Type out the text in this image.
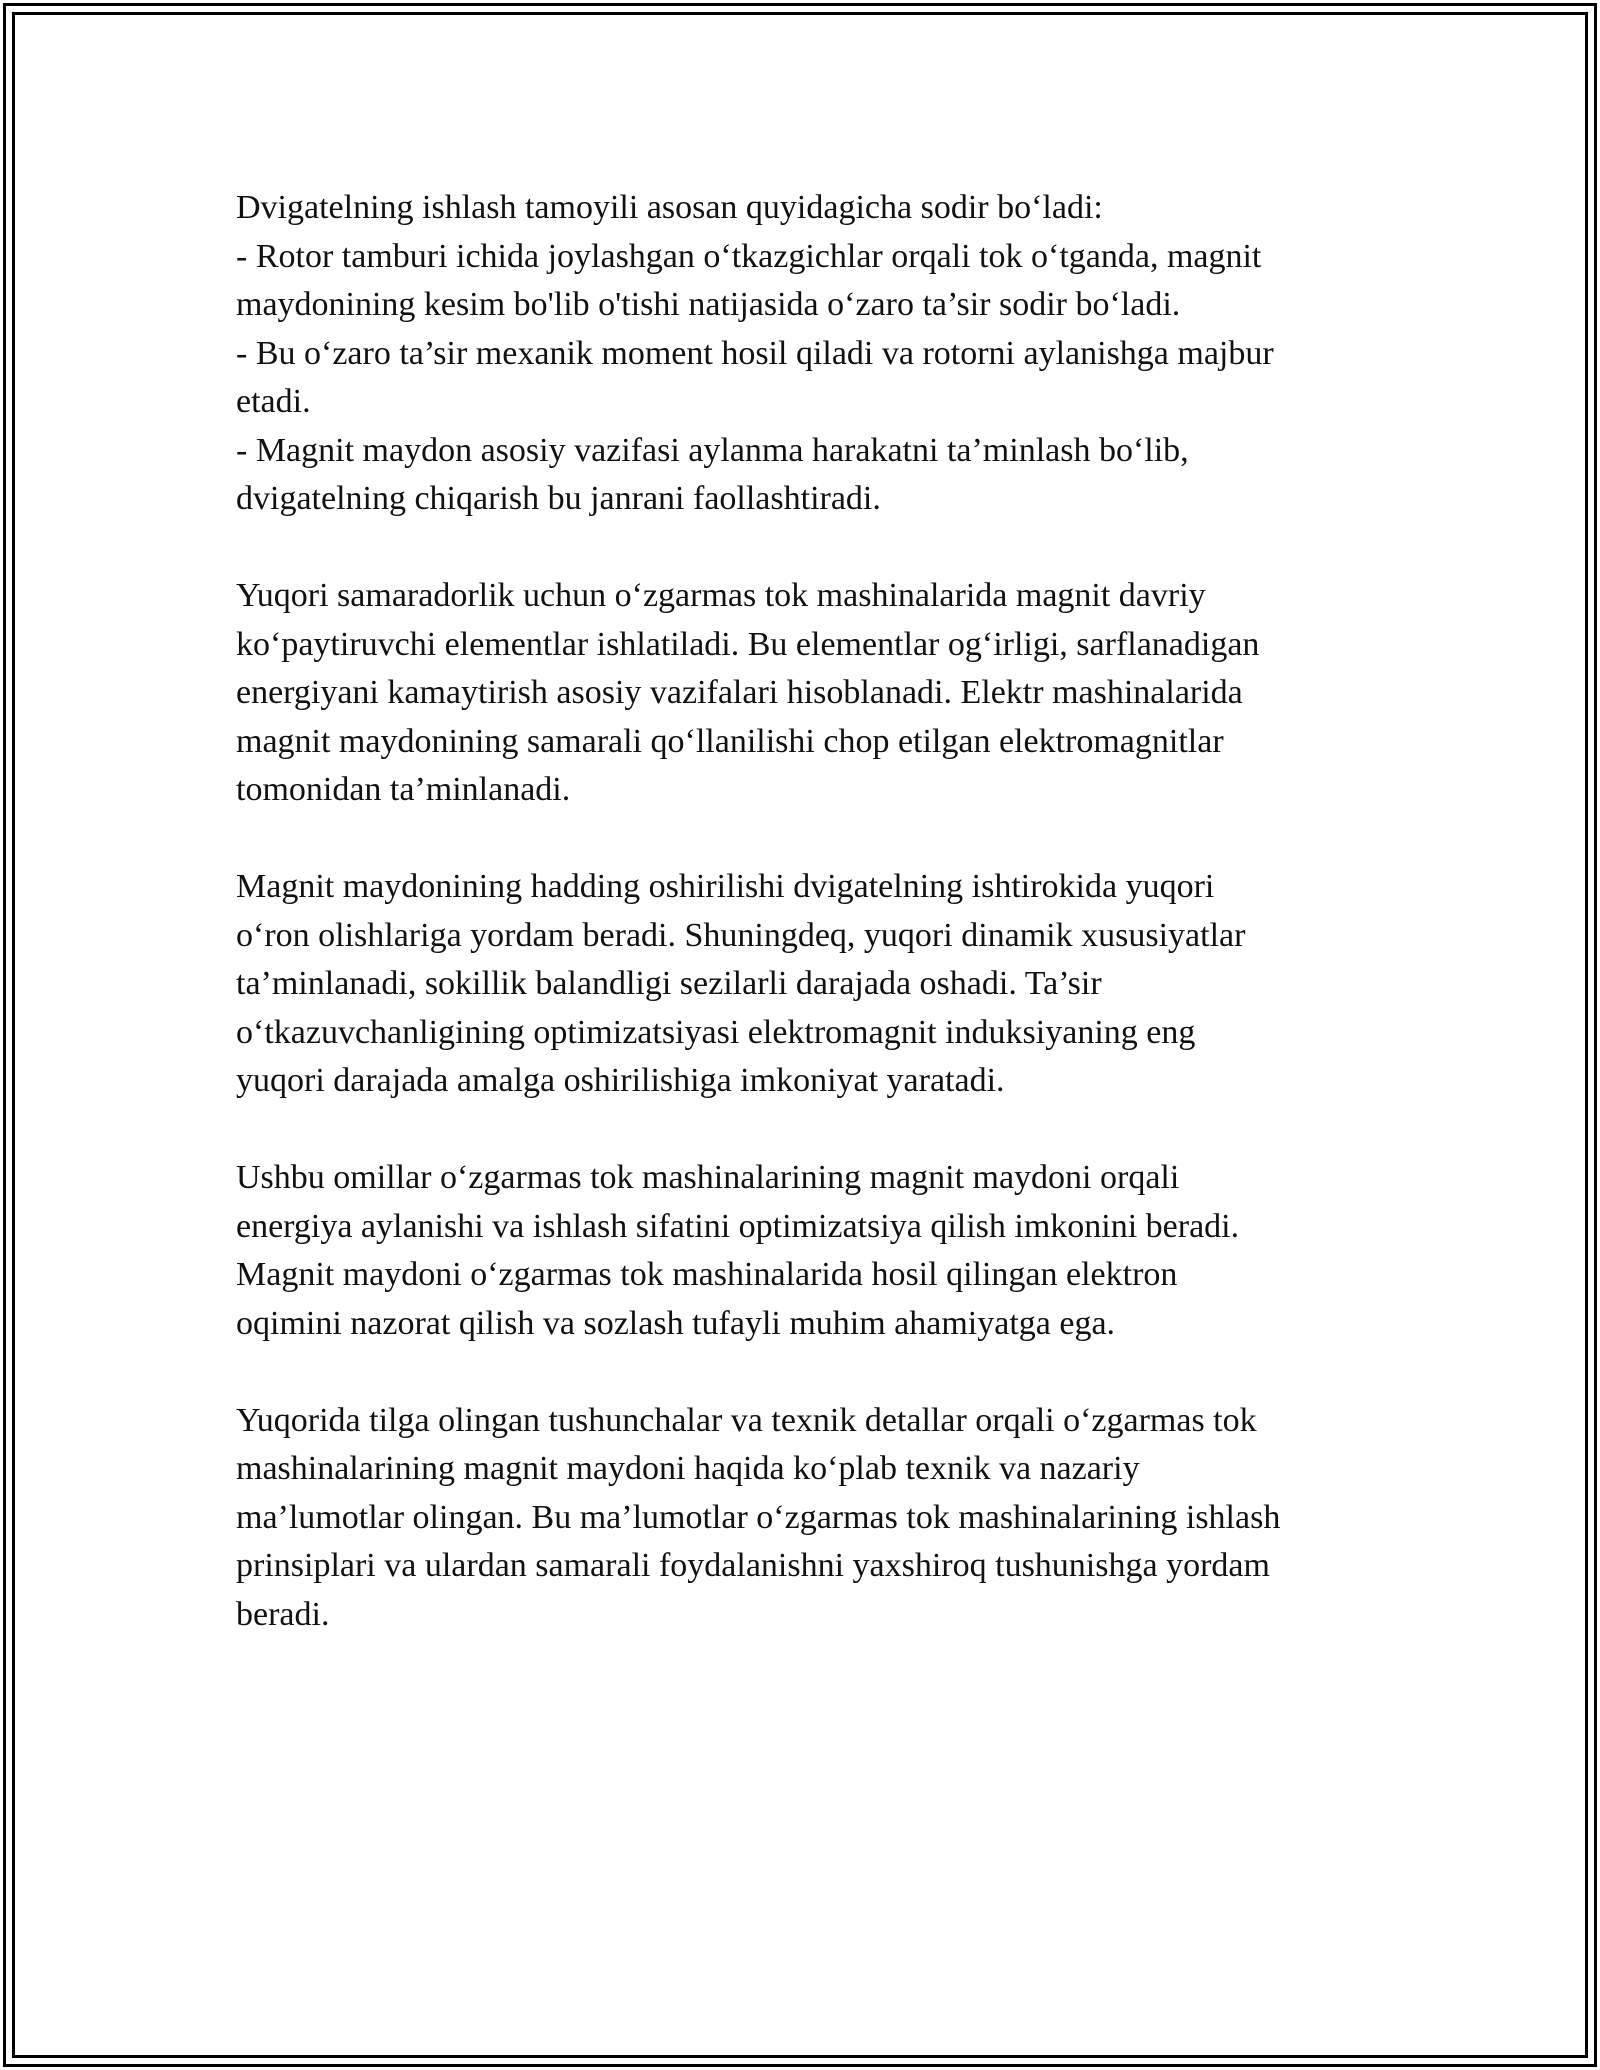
Dvigatelning ishlash tamoyili asosan quyidagicha sodir bo‘ladi:
- Rotor tamburi ichida joylashgan o‘tkazgichlar orqali tok o‘tganda, magnit
maydonining kesim bo'lib o'tishi natijasida o‘zaro ta’sir sodir bo‘ladi.
- Bu o‘zaro ta’sir mexanik moment hosil qiladi va rotorni aylanishga majbur
etadi.
- Magnit maydon asosiy vazifasi aylanma harakatni ta’minlash bo‘lib,
dvigatelning chiqarish bu janrani faollashtiradi.

Yuqori samaradorlik uchun o‘zgarmas tok mashinalarida magnit davriy
ko‘paytiruvchi elementlar ishlatiladi. Bu elementlar og‘irligi, sarflanadigan
energiyani kamaytirish asosiy vazifalari hisoblanadi. Elektr mashinalarida
magnit maydonining samarali qo‘llanilishi chop etilgan elektromagnitlar
tomonidan ta’minlanadi.

Magnit maydonining hadding oshirilishi dvigatelning ishtirokida yuqori
o‘ron olishlariga yordam beradi. Shuningdeq, yuqori dinamik xususiyatlar
ta’minlanadi, sokillik balandligi sezilarli darajada oshadi. Ta’sir
o‘tkazuvchanligining optimizatsiyasi elektromagnit induksiyaning eng
yuqori darajada amalga oshirilishiga imkoniyat yaratadi.

Ushbu omillar o‘zgarmas tok mashinalarining magnit maydoni orqali
energiya aylanishi va ishlash sifatini optimizatsiya qilish imkonini beradi.
Magnit maydoni o‘zgarmas tok mashinalarida hosil qilingan elektron
oqimini nazorat qilish va sozlash tufayli muhim ahamiyatga ega.

Yuqorida tilga olingan tushunchalar va texnik detallar orqali o‘zgarmas tok
mashinalarining magnit maydoni haqida ko‘plab texnik va nazariy
ma’lumotlar olingan. Bu ma’lumotlar o‘zgarmas tok mashinalarining ishlash
prinsiplari va ulardan samarali foydalanishni yaxshiroq tushunishga yordam
beradi.
